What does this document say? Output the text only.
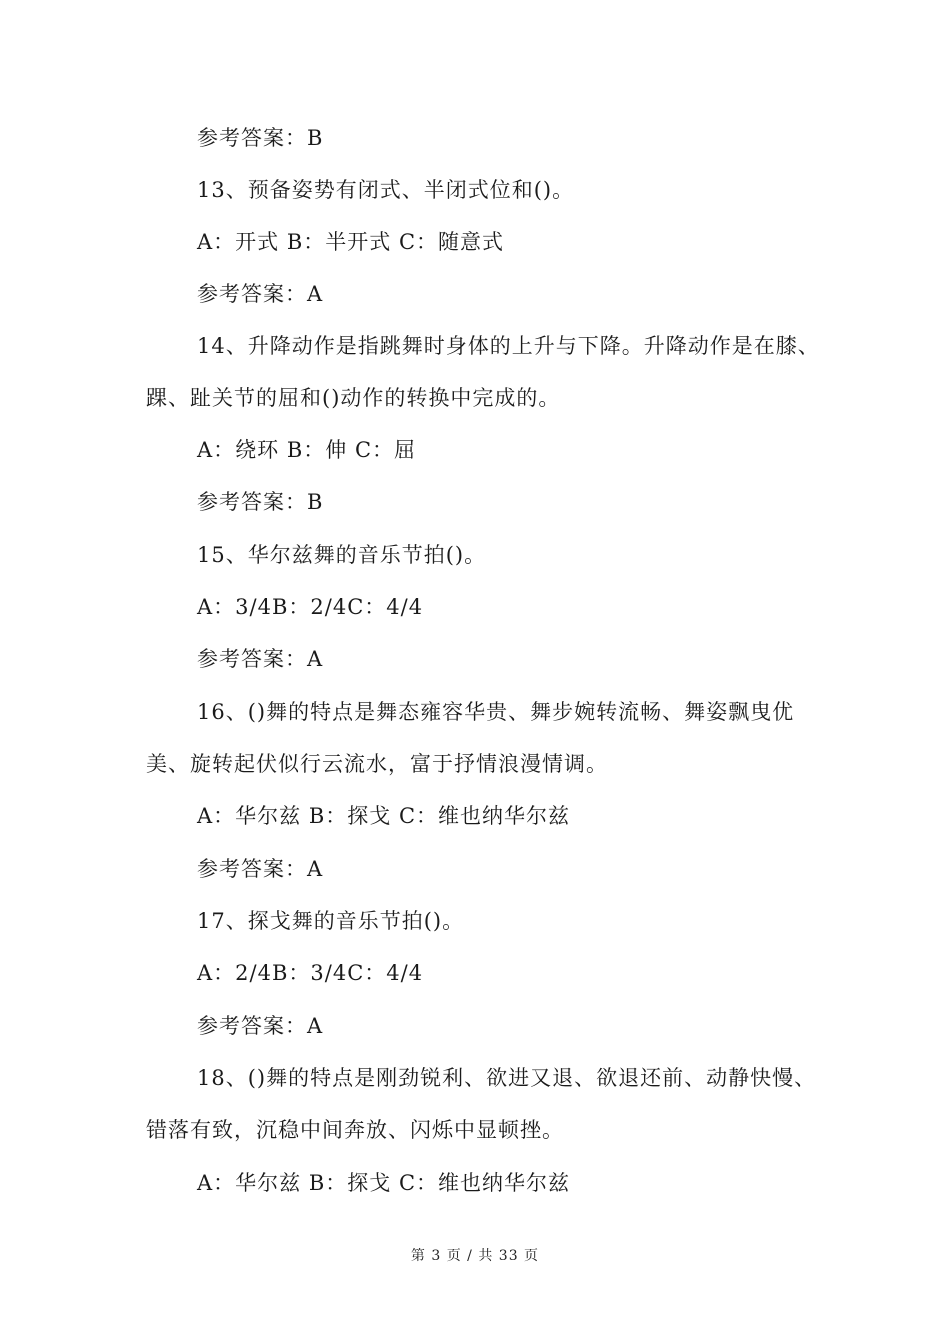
参考答案：B
13、预备姿势有闭式、半闭式位和()。
A：开式 B：半开式 C：随意式
参考答案：A
14、升降动作是指跳舞时身体的上升与下降。升降动作是在膝、
踝、趾关节的屈和()动作的转换中完成的。
A：绕环 B：伸 C：屈
参考答案：B
15、华尔兹舞的音乐节拍()。
A：3/4B：2/4C：4/4
参考答案：A
16、()舞的特点是舞态雍容华贵、舞步婉转流畅、舞姿飘曳优
美、旋转起伏似行云流水，富于抒情浪漫情调。
A：华尔兹 B：探戈 C：维也纳华尔兹
参考答案：A
17、探戈舞的音乐节拍()。
A：2/4B：3/4C：4/4
参考答案：A
18、()舞的特点是刚劲锐利、欲进又退、欲退还前、动静快慢、
错落有致，沉稳中间奔放、闪烁中显顿挫。
A：华尔兹 B：探戈 C：维也纳华尔兹
第 3 页 / 共 33 页
